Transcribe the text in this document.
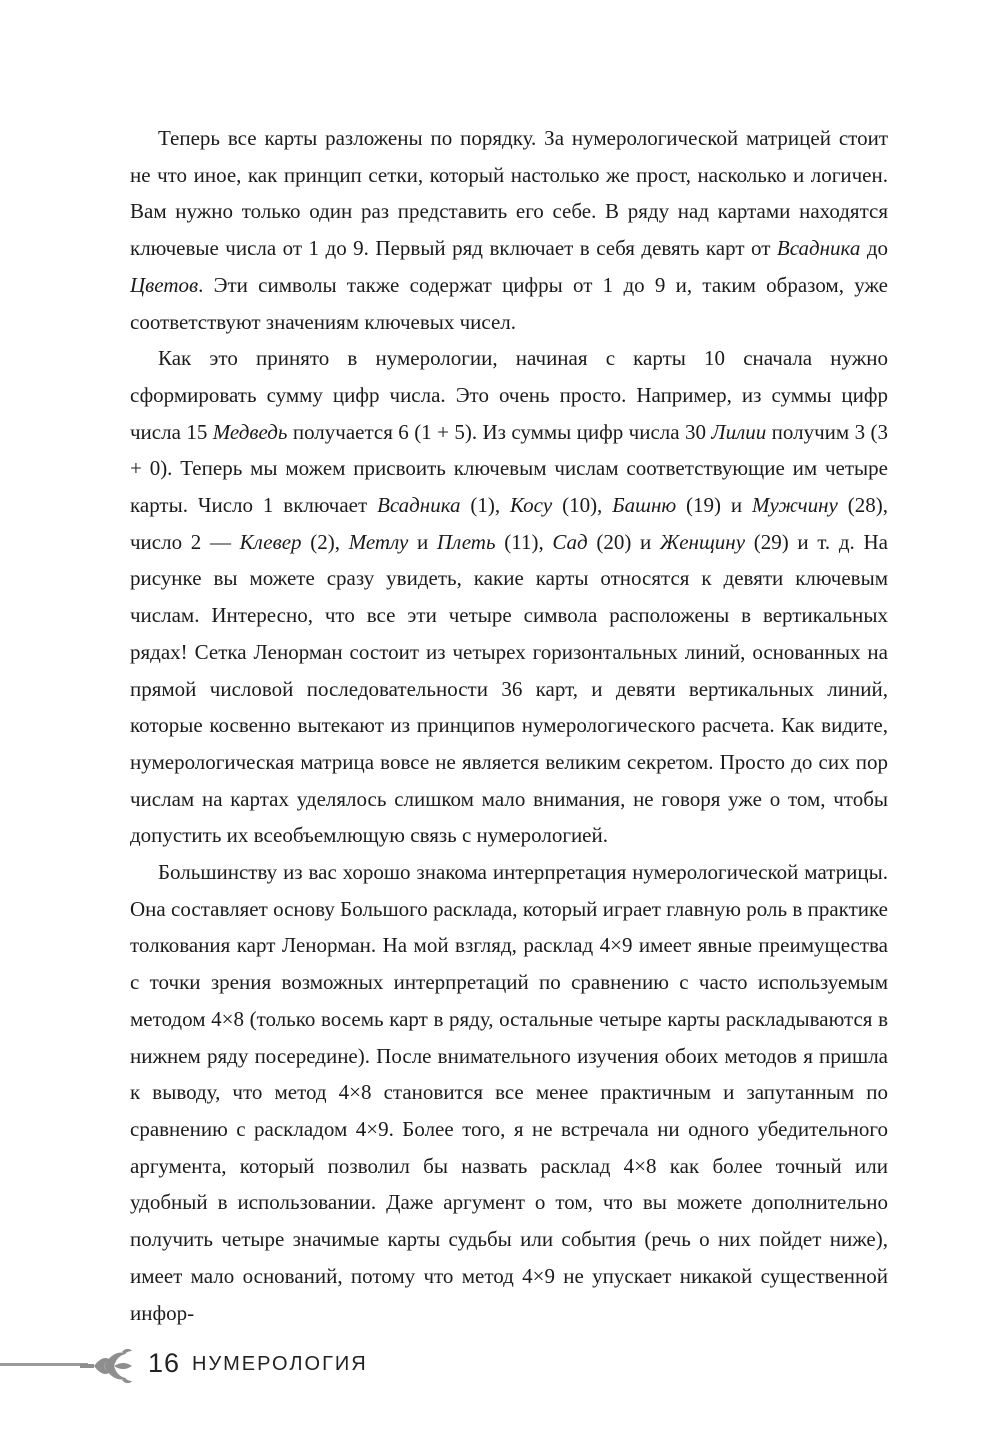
Теперь все карты разложены по порядку. За нумерологической матрицей стоит не что иное, как принцип сетки, который настолько же прост, насколько и логичен. Вам нужно только один раз представить его себе. В ряду над картами находятся ключевые числа от 1 до 9. Первый ряд включает в себя девять карт от Всадника до Цветов. Эти символы также содержат цифры от 1 до 9 и, таким образом, уже соответствуют значениям ключевых чисел.

Как это принято в нумерологии, начиная с карты 10 сначала нужно сформировать сумму цифр числа. Это очень просто. Например, из суммы цифр числа 15 Медведь получается 6 (1 + 5). Из суммы цифр числа 30 Лилии получим 3 (3 + 0). Теперь мы можем присвоить ключевым числам соответствующие им четыре карты. Число 1 включает Всадника (1), Косу (10), Башню (19) и Мужчину (28), число 2 — Клевер (2), Метлу и Плеть (11), Сад (20) и Женщину (29) и т. д. На рисунке вы можете сразу увидеть, какие карты относятся к девяти ключевым числам. Интересно, что все эти четыре символа расположены в вертикальных рядах! Сетка Ленорман состоит из четырех горизонтальных линий, основанных на прямой числовой последовательности 36 карт, и девяти вертикальных линий, которые косвенно вытекают из принципов нумерологического расчета. Как видите, нумерологическая матрица вовсе не является великим секретом. Просто до сих пор числам на картах уделялось слишком мало внимания, не говоря уже о том, чтобы допустить их всеобъемлющую связь с нумерологией.

Большинству из вас хорошо знакома интерпретация нумерологической матрицы. Она составляет основу Большого расклада, который играет главную роль в практике толкования карт Ленорман. На мой взгляд, расклад 4×9 имеет явные преимущества с точки зрения возможных интерпретаций по сравнению с часто используемым методом 4×8 (только восемь карт в ряду, остальные четыре карты раскладываются в нижнем ряду посередине). После внимательного изучения обоих методов я пришла к выводу, что метод 4×8 становится все менее практичным и запутанным по сравнению с раскладом 4×9. Более того, я не встречала ни одного убедительного аргумента, который позволил бы назвать расклад 4×8 как более точный или удобный в использовании. Даже аргумент о том, что вы можете дополнительно получить четыре значимые карты судьбы или события (речь о них пойдет ниже), имеет мало оснований, потому что метод 4×9 не упускает никакой существенной инфор-

16 НУМЕРОЛОГИЯ
